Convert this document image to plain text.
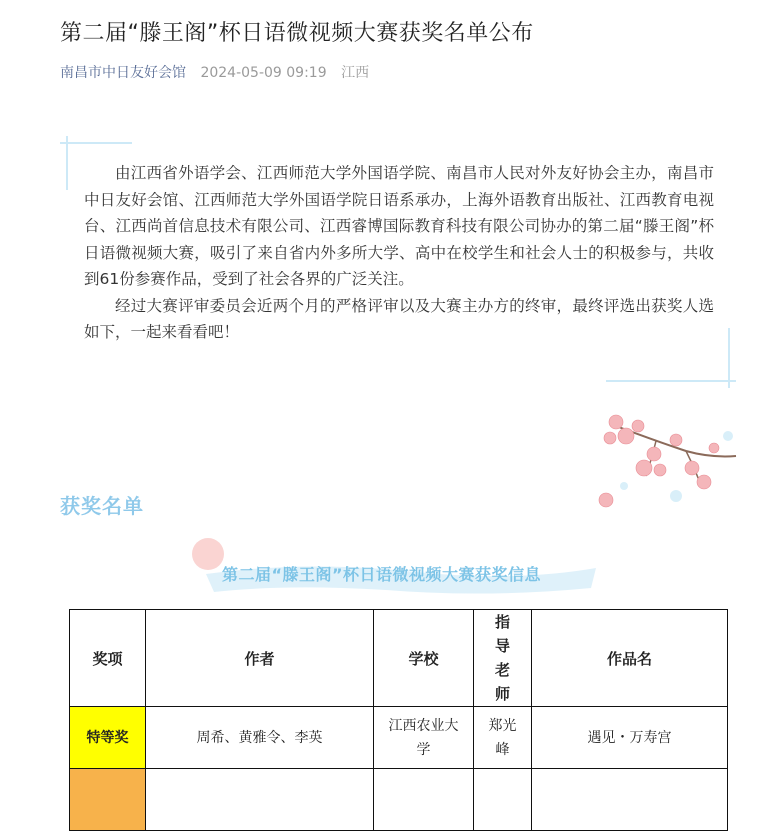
第二届“滕王阁”杯日语微视频大赛获奖名单公布
南昌市中日友好会馆 2024-05-09 09:19 江西

由江西省外语学会、江西师范大学外国语学院、南昌市人民对外友好协会主办，南昌市中日友好会馆、江西师范大学外国语学院日语系承办，上海外语教育出版社、江西教育电视台、江西尚首信息技术有限公司、江西睿博国际教育科技有限公司协办的第二届“滕王阁”杯日语微视频大赛，吸引了来自省内外多所大学、高中在校学生和社会人士的积极参与，共收到61份参赛作品，受到了社会各界的广泛关注。

经过大赛评审委员会近两个月的严格评审以及大赛主办方的终审，最终评选出获奖人选如下，一起来看看吧！

获奖名单
第二届“滕王阁”杯日语微视频大赛获奖信息
奖项	作者	学校	指导老师	作品名
特等奖	周希、黄雅令、李英	江西农业大学	郑光峰	遇见・万寿宫
